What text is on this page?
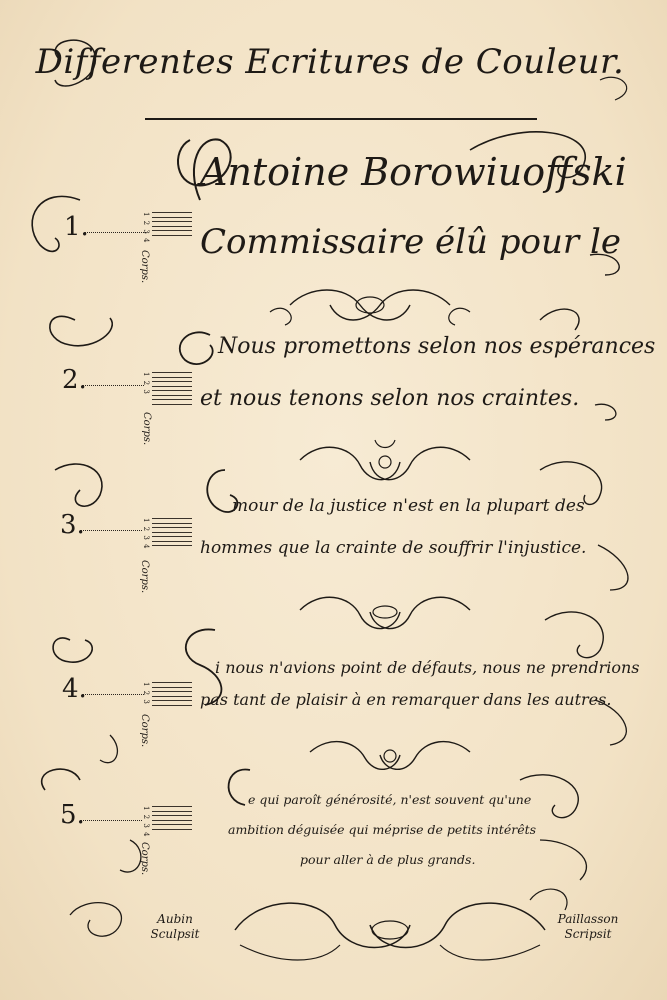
Differentes Ecritures de Couleur.
1.
2.
3.
4.
5.
1 2 3 4
1 2 3
1 2 3 4
1 2 3
1 2 3 4
Corps.
Corps.
Corps.
Corps.
Corps.
Antoine Borowiuoffski
Commissaire élû pour le
Nous promettons selon nos espérances
et nous tenons selon nos craintes.
mour de la justice n'est en la plupart des
hommes que la crainte de souffrir l'injustice.
i nous n'avions point de défauts, nous ne prendrions
pas tant de plaisir à en remarquer dans les autres.
e qui paroît générosité, n'est souvent qu'une
ambition déguisée qui méprise de petits intérêts
pour aller à de plus grands.
Aubin
Sculpsit
Paillasson
Scripsit
